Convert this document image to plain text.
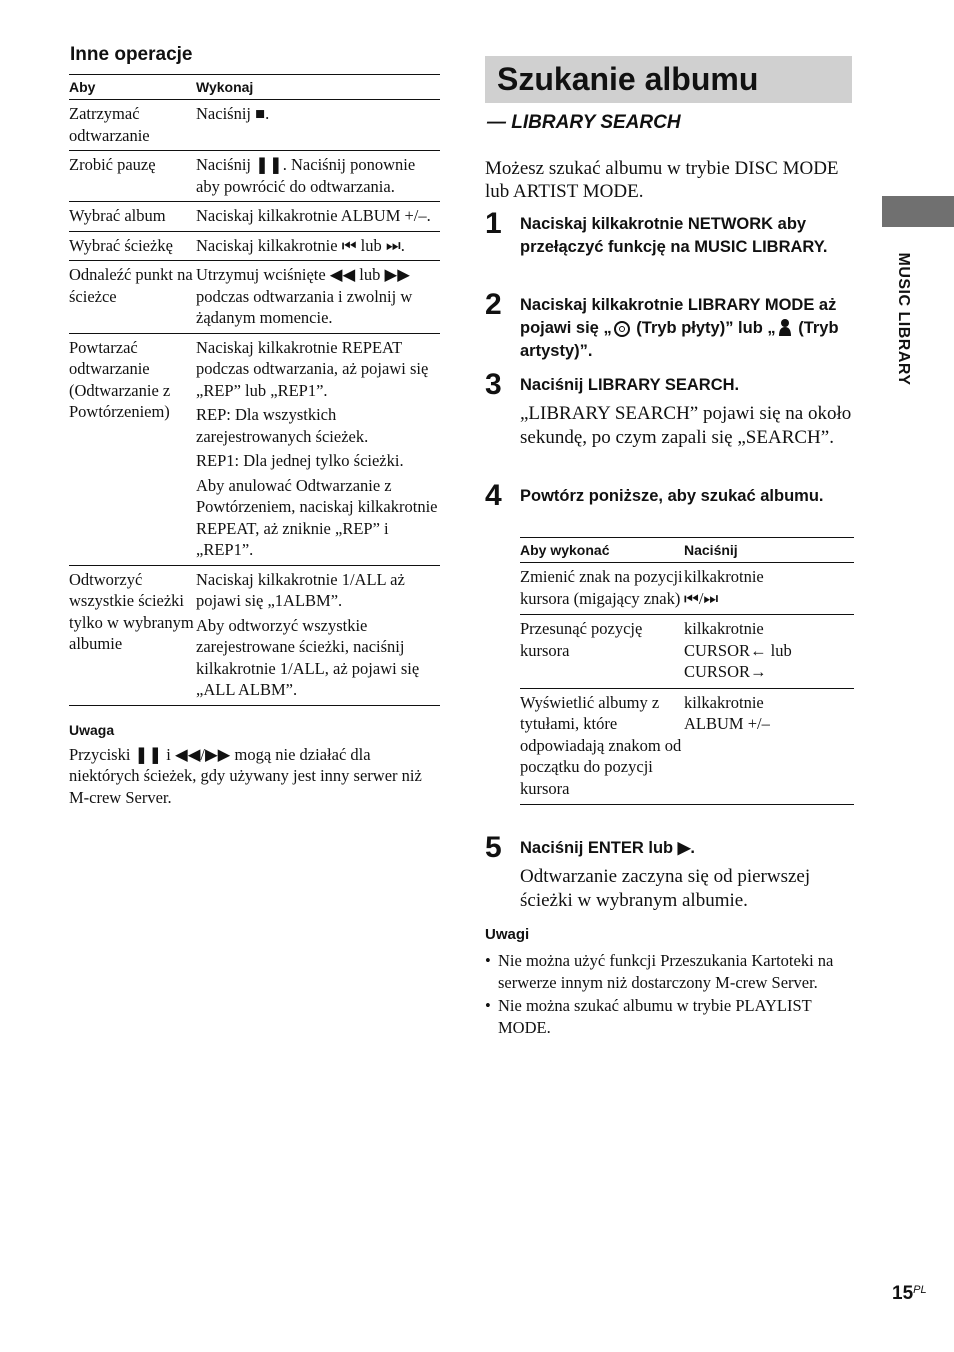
Inne operacje
Aby	Wykonaj
Zatrzymać odtwarzanie	Naciśnij ■.

Zrobić pauzę	Naciśnij ❚❚. Naciśnij ponownie aby powrócić do odtwarzania.

Wybrać album	Naciskaj kilkakrotnie ALBUM +/–.

Wybrać ścieżkę	Naciskaj kilkakrotnie ⏮ lub ⏭.

Odnaleźć punkt na ścieżce	Utrzymuj wciśnięte ◀◀ lub ▶▶ podczas odtwarzania i zwolnij w żądanym momencie.

Powtarzać odtwarzanie (Odtwarzanie z Powtórzeniem)	Naciskaj kilkakrotnie REPEAT podczas odtwarzania, aż pojawi się „REP” lub „REP1”.
REP: Dla wszystkich zarejestrowanych ścieżek.
REP1: Dla jednej tylko ścieżki.
Aby anulować Odtwarzanie z Powtórzeniem, naciskaj kilkakrotnie REPEAT, aż zniknie „REP” i „REP1”.

Odtworzyć wszystkie ścieżki tylko w wybranym albumie	Naciskaj kilkakrotnie 1/ALL aż pojawi się „1ALBM”.
Aby odtworzyć wszystkie zarejestrowane ścieżki, naciśnij kilkakrotnie 1/ALL, aż pojawi się „ALL ALBM”.
Uwaga

Przyciski ❚❚ i ◀◀/▶▶ mogą nie działać dla niektórych ścieżek, gdy używany jest inny serwer niż M-crew Server.

Szukanie albumu
— LIBRARY SEARCH
Możesz szukać albumu w trybie DISC MODE lub ARTIST MODE.
1 Naciskaj kilkakrotnie NETWORK aby przełączyć funkcję na MUSIC LIBRARY.
2 Naciskaj kilkakrotnie LIBRARY MODE aż pojawi się „ (Tryb płyty)” lub „ (Tryb artysty)”.
3 Naciśnij LIBRARY SEARCH.
„LIBRARY SEARCH” pojawi się na około sekundę, po czym zapali się „SEARCH”.
4 Powtórz poniższe, aby szukać albumu.
Aby wykonać	Naciśnij
Zmienić znak na pozycji kursora (migający znak)	kilkakrotnie
⏮/⏭

Przesunąć pozycję kursora	kilkakrotnie
CURSOR← lub
CURSOR→

Wyświetlić albumy z tytułami, które odpowiadają znakom od początku do pozycji kursora	kilkakrotnie
ALBUM +/–
5 Naciśnij ENTER lub ▶.
Odtwarzanie zaczyna się od pierwszej ścieżki w wybranym albumie.
Uwagi
• Nie można użyć funkcji Przeszukania Kartoteki na serwerze innym niż dostarczony M-crew Server.
• Nie można szukać albumu w trybie PLAYLIST MODE.
MUSIC LIBRARY
$15^{PL}$
